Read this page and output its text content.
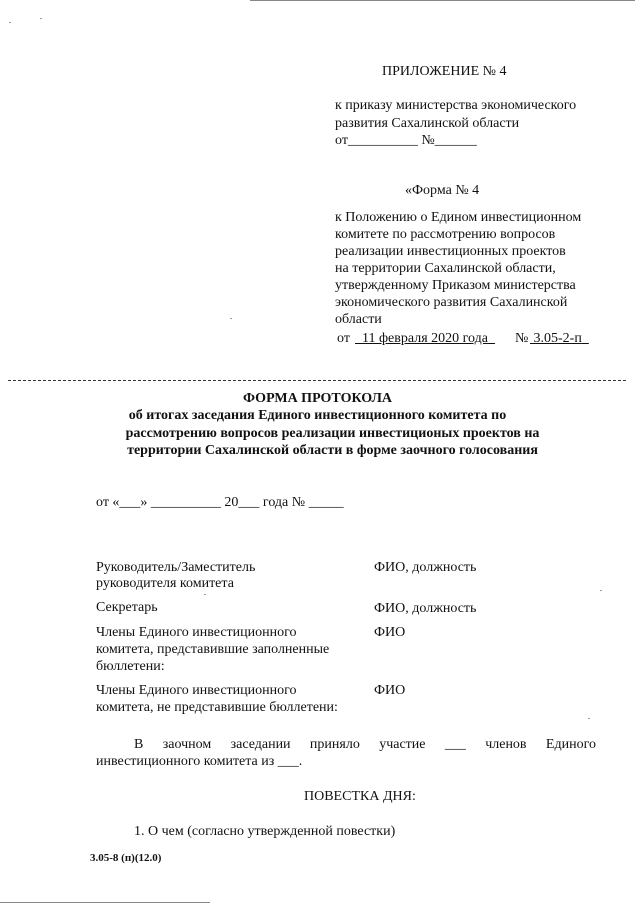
ПРИЛОЖЕНИЕ № 4
к приказу министерства экономического
развития Сахалинской области
от__________ №______
«Форма № 4
к Положению о Едином инвестиционном
комитете по рассмотрению вопросов
реализации инвестиционных проектов
на территории Сахалинской области,
утвержденному Приказом министерства
экономического развития Сахалинской
области
от 11 февраля 2020 года	№ 3.05-2-п
ФОРМА ПРОТОКОЛА
об итогах заседания Единого инвестиционного комитета по
рассмотрению вопросов реализации инвестиционых проектов на
территории Сахалинской области в форме заочного голосования
от «___» __________ 20___ года № _____
Руководитель/Заместитель
руководителя комитета
ФИО, должность
Секретарь	ФИО, должность
Члены Единого инвестиционного
комитета, представившие заполненные
бюллетени:
ФИО
Члены Единого инвестиционного
комитета, не представившие бюллетени:
ФИО
В заочном заседании приняло участие ___ членов Единого
инвестиционного комитета из ___.
ПОВЕСТКА ДНЯ:
1. О чем (согласно утвержденной повестки)
3.05-8 (п)(12.0)
